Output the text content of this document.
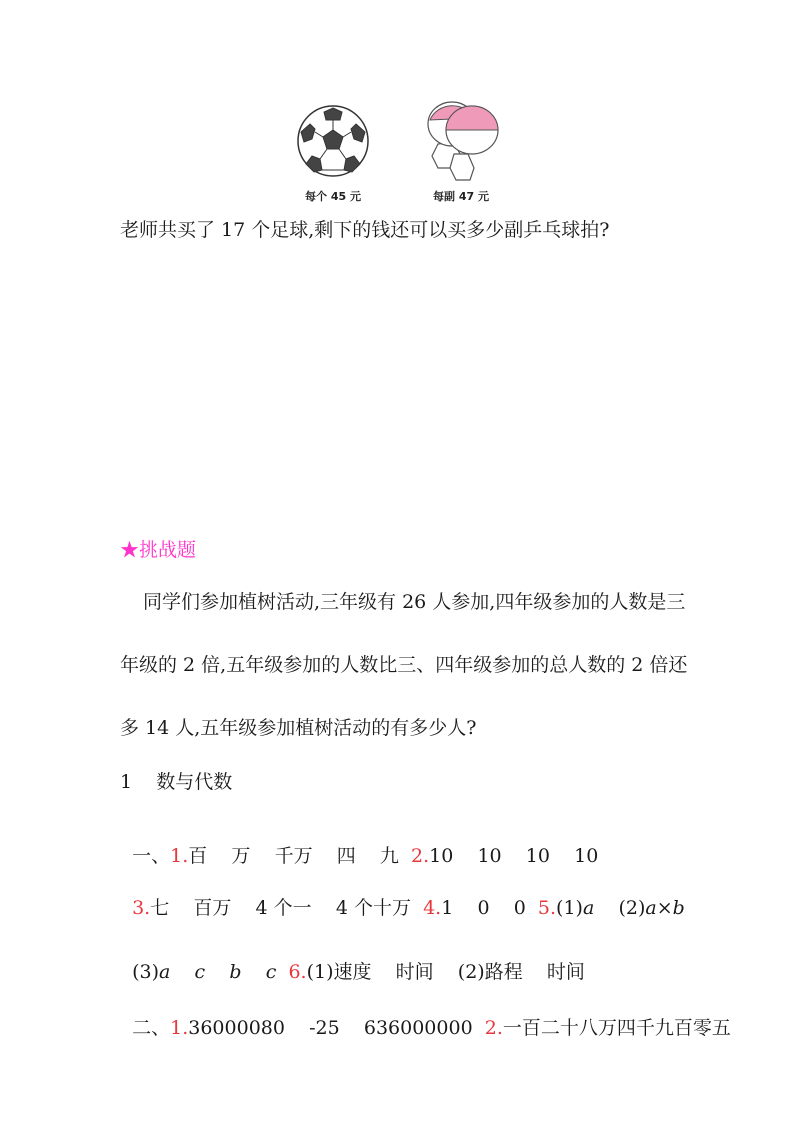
每个 45 元	每副 47 元
老师共买了 17 个足球,剩下的钱还可以买多少副乒乓球拍?
★挑战题
同学们参加植树活动,三年级有 26 人参加,四年级参加的人数是三
年级的 2 倍,五年级参加的人数比三、四年级参加的总人数的 2 倍还
多 14 人,五年级参加植树活动的有多少人?
1    数与代数

一、1.百    万    千万    四    九 2.10    10    10    10

3.七    百万    4 个一    4 个十万 4.1    0    0 5.(1)a    (2)a×b

(3)a c b c 6.(1)速度    时间    (2)路程    时间

二、1.36000080    -25    636000000 2.一百二十八万四千九百零五
